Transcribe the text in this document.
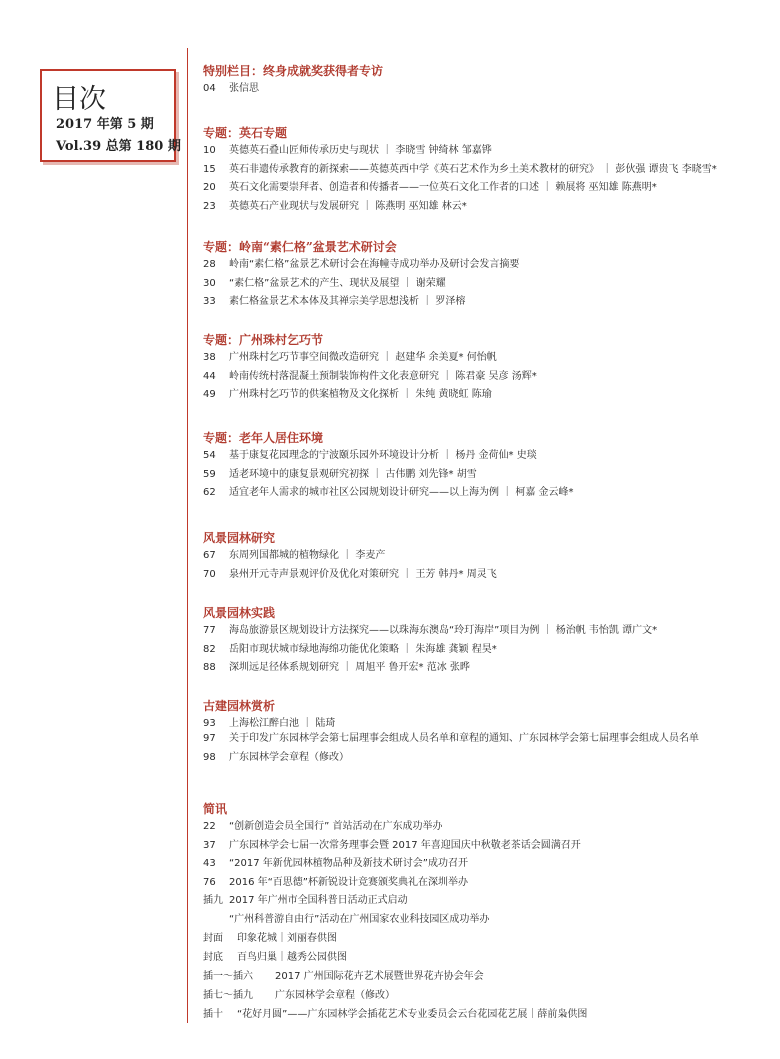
目次
2017 年第 5 期
Vol.39 总第 180 期
特别栏目：终身成就奖获得者专访
04 张信思
专题：英石专题
10 英德英石叠山匠师传承历史与现状 ｜ 李晓雪 钟绮林 邹嘉铧
15 英石非遗传承教育的新探索——英德英西中学《英石艺术作为乡土美术教材的研究》 ｜ 彭伙强 谭贵飞 李晓雪*
20 英石文化需要崇拜者、创造者和传播者——一位英石文化工作者的口述 ｜ 赖展将 巫知雄 陈燕明*
23 英德英石产业现状与发展研究 ｜ 陈燕明 巫知雄 林云*
专题：岭南“素仁格”盆景艺术研讨会
28 岭南“素仁格”盆景艺术研讨会在海幢寺成功举办及研讨会发言摘要
30 “素仁格”盆景艺术的产生、现状及展望 ｜ 谢荣耀
33 素仁格盆景艺术本体及其禅宗美学思想浅析 ｜ 罗泽榕
专题：广州珠村乞巧节
38 广州珠村乞巧节事空间微改造研究 ｜ 赵建华 余美夏* 何怡帆
44 岭南传统村落混凝土预制装饰构件文化表意研究 ｜ 陈君豪 吴彦 汤辉*
49 广州珠村乞巧节的供案植物及文化探析 ｜ 朱纯 黄晓虹 陈瑜
专题：老年人居住环境
54 基于康复花园理念的宁波颐乐园外环境设计分析 ｜ 杨丹 金荷仙* 史琰
59 适老环境中的康复景观研究初探 ｜ 古伟鹏 刘先锋* 胡雪
62 适宜老年人需求的城市社区公园规划设计研究——以上海为例 ｜ 柯嘉 金云峰*
风景园林研究
67 东周列国都城的植物绿化 ｜ 李麦产
70 泉州开元寺声景观评价及优化对策研究 ｜ 王芳 韩丹* 周灵飞
风景园林实践
77 海岛旅游景区规划设计方法探究——以珠海东澳岛“玲玎海岸”项目为例 ｜ 杨治帆 韦怡凯 谭广文*
82 岳阳市现状城市绿地海绵功能优化策略 ｜ 朱海雄 龚颖 程昊*
88 深圳远足径体系规划研究 ｜ 周旭平 鲁开宏* 范冰 张晔
古建园林赏析
93 上海松江醉白池 ｜ 陆琦
97 关于印发广东园林学会第七届理事会组成人员名单和章程的通知、广东园林学会第七届理事会组成人员名单
98 广东园林学会章程（修改）
简讯
22 “创新创造会员全国行” 首站活动在广东成功举办
37 广东园林学会七届一次常务理事会暨 2017 年喜迎国庆中秋敬老茶话会圆满召开
43 “2017 年新优园林植物品种及新技术研讨会”成功召开
76 2016 年“百思德”杯新锐设计竞赛颁奖典礼在深圳举办
插九 2017 年广州市全国科普日活动正式启动
“广州科普游自由行”活动在广州国家农业科技园区成功举办
封面 印象花城｜刘丽春供图
封底 百鸟归巢｜越秀公园供图
插一～插六 2017 广州国际花卉艺术展暨世界花卉协会年会
插七～插九 广东园林学会章程（修改）
插十 “花好月圆”——广东园林学会插花艺术专业委员会云台花园花艺展｜薛前枭供图
